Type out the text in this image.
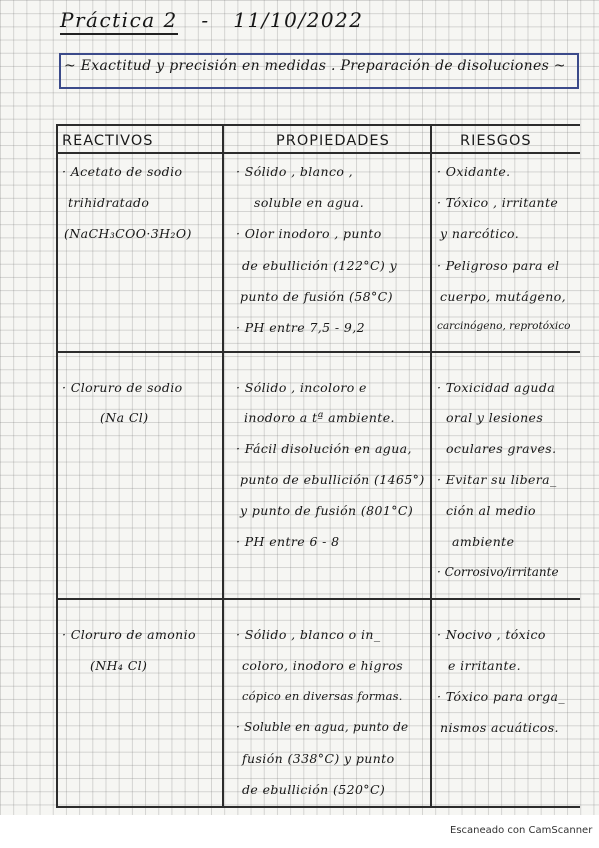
Práctica 2 - 11/10/2022
~ Exactitud y precisión en medidas . Preparación de disoluciones ~
REACTIVOS	PROPIEDADES	RIESGOS
· Acetato de sodio
trihidratado
(NaCH₃COO·3H₂O)
· Sólido , blanco ,
soluble en agua.
· Olor inodoro , punto
de ebullición (122°C) y
punto de fusión (58°C)
· PH entre 7,5 - 9,2
· Oxidante.
· Tóxico , irritante
y narcótico.
· Peligroso para el
cuerpo, mutágeno,
carcinógeno, reprotóxico
· Cloruro de sodio
(Na Cl)
· Sólido , incoloro e
inodoro a tª ambiente.
· Fácil disolución en agua,
punto de ebullición (1465°)
y punto de fusión (801°C)
· PH entre 6 - 8
· Toxicidad aguda
oral y lesiones
oculares graves.
· Evitar su libera_
ción al medio
ambiente
· Corrosivo/irritante
· Cloruro de amonio
(NH₄ Cl)
· Sólido , blanco o in_
coloro, inodoro e higros
cópico en diversas formas.
· Soluble en agua, punto de
fusión (338°C) y punto
de ebullición (520°C)
· Nocivo , tóxico
e irritante.
· Tóxico para orga_
nismos acuáticos.
Escaneado con CamScanner
